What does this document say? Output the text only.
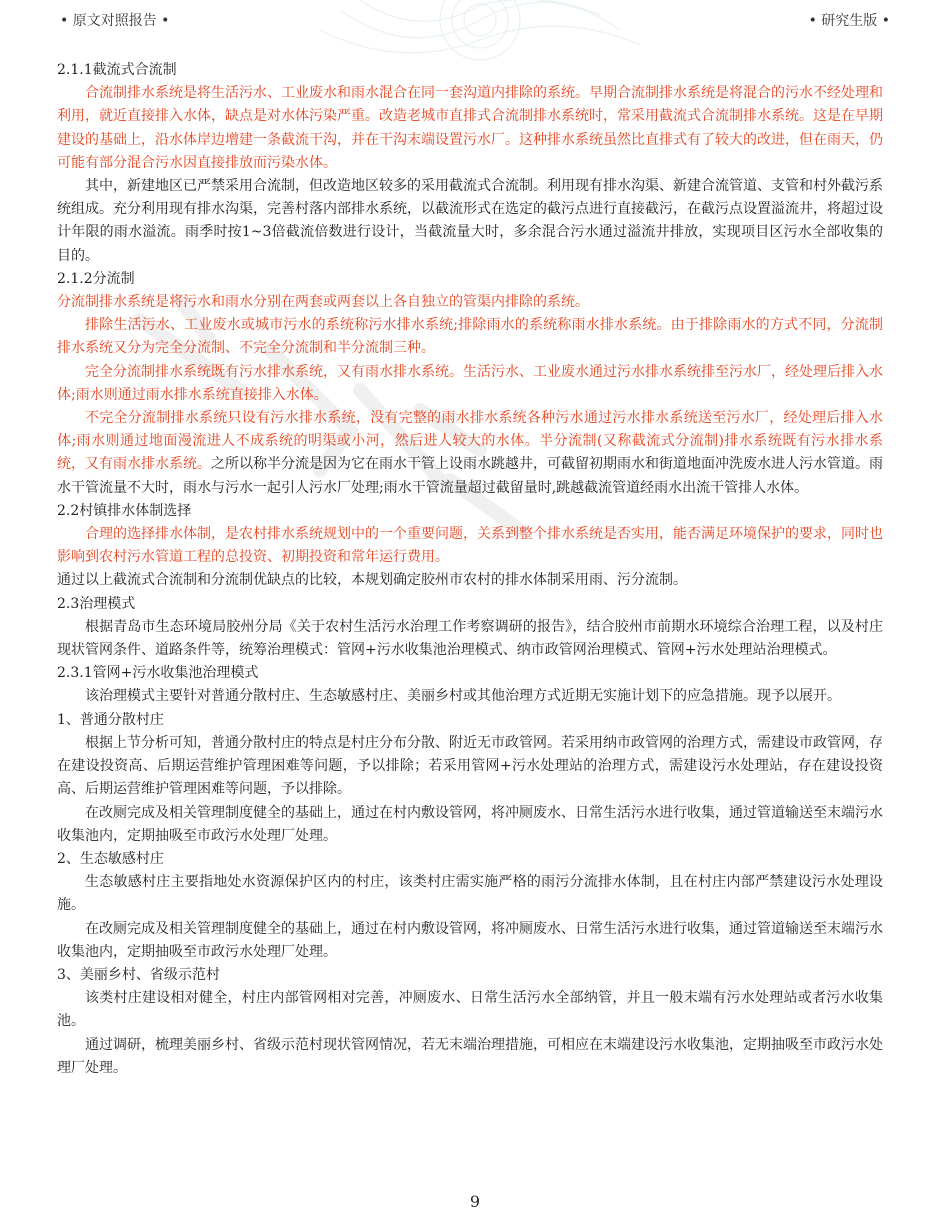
• 原文对照报告 •	• 研究生版 •

2.1.1截流式合流制

合流制排水系统是将生活污水、工业废水和雨水混合在同一套沟道内排除的系统。早期合流制排水系统是将混合的污水不经处理和利用，就近直接排入水体，缺点是对水体污染严重。改造老城市直排式合流制排水系统时，常采用截流式合流制排水系统。这是在早期建设的基础上，沿水体岸边增建一条截流干沟，并在干沟末端设置污水厂。这种排水系统虽然比直排式有了较大的改进，但在雨天，仍可能有部分混合污水因直接排放而污染水体。

其中，新建地区已严禁采用合流制，但改造地区较多的采用截流式合流制。利用现有排水沟渠、新建合流管道、支管和村外截污系统组成。充分利用现有排水沟渠，完善村落内部排水系统，以截流形式在选定的截污点进行直接截污，在截污点设置溢流井，将超过设计年限的雨水溢流。雨季时按1~3倍截流倍数进行设计，当截流量大时，多余混合污水通过溢流井排放，实现项目区污水全部收集的目的。

2.1.2分流制

分流制排水系统是将污水和雨水分别在两套或两套以上各自独立的管渠内排除的系统。

排除生活污水、工业废水或城市污水的系统称污水排水系统;排除雨水的系统称雨水排水系统。由于排除雨水的方式不同，分流制排水系统又分为完全分流制、不完全分流制和半分流制三种。

完全分流制排水系统既有污水排水系统，又有雨水排水系统。生活污水、工业废水通过污水排水系统排至污水厂，经处理后排入水体;雨水则通过雨水排水系统直接排入水体。

不完全分流制排水系统只设有污水排水系统，没有完整的雨水排水系统各种污水通过污水排水系统送至污水厂，经处理后排入水体;雨水则通过地面漫流进人不成系统的明渠或小河，然后进人较大的水体。半分流制(又称截流式分流制)排水系统既有污水排水系统，又有雨水排水系统。之所以称半分流是因为它在雨水干管上设雨水跳越井，可截留初期雨水和街道地面冲洗废水进人污水管道。雨水干管流量不大时，雨水与污水一起引人污水厂处理;雨水干管流量超过截留量时,跳越截流管道经雨水出流干管排人水体。

2.2村镇排水体制选择

合理的选择排水体制，是农村排水系统规划中的一个重要问题，关系到整个排水系统是否实用，能否满足环境保护的要求，同时也影响到农村污水管道工程的总投资、初期投资和常年运行费用。

通过以上截流式合流制和分流制优缺点的比较，本规划确定胶州市农村的排水体制采用雨、污分流制。

2.3治理模式

根据青岛市生态环境局胶州分局《关于农村生活污水治理工作考察调研的报告》，结合胶州市前期水环境综合治理工程，以及村庄现状管网条件、道路条件等，统筹治理模式：管网+污水收集池治理模式、纳市政管网治理模式、管网+污水处理站治理模式。

2.3.1管网+污水收集池治理模式

该治理模式主要针对普通分散村庄、生态敏感村庄、美丽乡村或其他治理方式近期无实施计划下的应急措施。现予以展开。

1、普通分散村庄

根据上节分析可知，普通分散村庄的特点是村庄分布分散、附近无市政管网。若采用纳市政管网的治理方式，需建设市政管网，存在建设投资高、后期运营维护管理困难等问题，予以排除；若采用管网+污水处理站的治理方式，需建设污水处理站，存在建设投资高、后期运营维护管理困难等问题，予以排除。

在改厕完成及相关管理制度健全的基础上，通过在村内敷设管网，将冲厕废水、日常生活污水进行收集，通过管道输送至末端污水收集池内，定期抽吸至市政污水处理厂处理。

2、生态敏感村庄

生态敏感村庄主要指地处水资源保护区内的村庄，该类村庄需实施严格的雨污分流排水体制，且在村庄内部严禁建设污水处理设施。

在改厕完成及相关管理制度健全的基础上，通过在村内敷设管网，将冲厕废水、日常生活污水进行收集，通过管道输送至末端污水收集池内，定期抽吸至市政污水处理厂处理。

3、美丽乡村、省级示范村

该类村庄建设相对健全，村庄内部管网相对完善，冲厕废水、日常生活污水全部纳管，并且一般末端有污水处理站或者污水收集池。

通过调研，梳理美丽乡村、省级示范村现状管网情况，若无末端治理措施，可相应在末端建设污水收集池，定期抽吸至市政污水处理厂处理。

9
